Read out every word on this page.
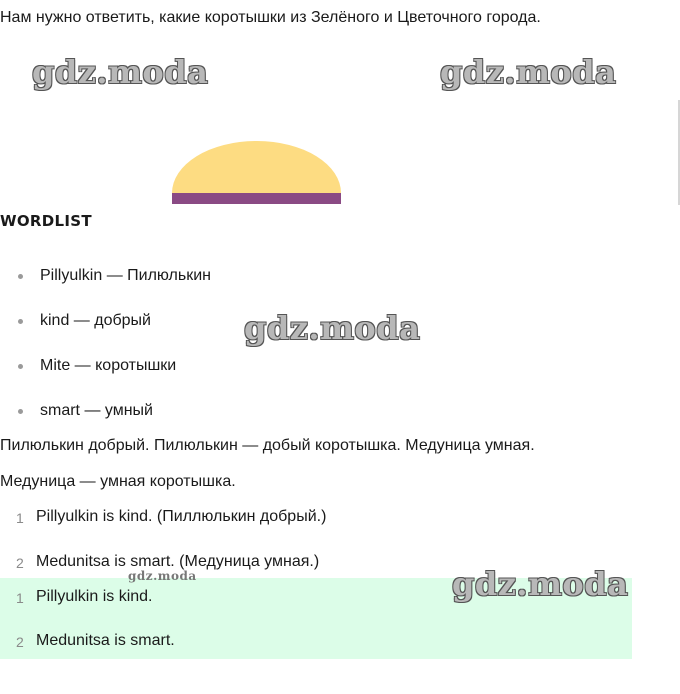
Нам нужно ответить, какие коротышки из Зелёного и Цветочного города.
gdz.moda	gdz.moda
WORDLIST
Pillyulkin — Пилюлькин
kind — добрый
Mite — коротышки
smart — умный
gdz.moda
Пилюлькин добрый. Пилюлькин — добый коротышка. Медуница умная.
Медуница — умная коротышка.
1 Pillyulkin is kind. (Пиллюлькин добрый.)
2 Medunitsa is smart. (Медуница умная.)
gdz.moda	gdz.moda
1 Pillyulkin is kind.
2 Medunitsa is smart.
